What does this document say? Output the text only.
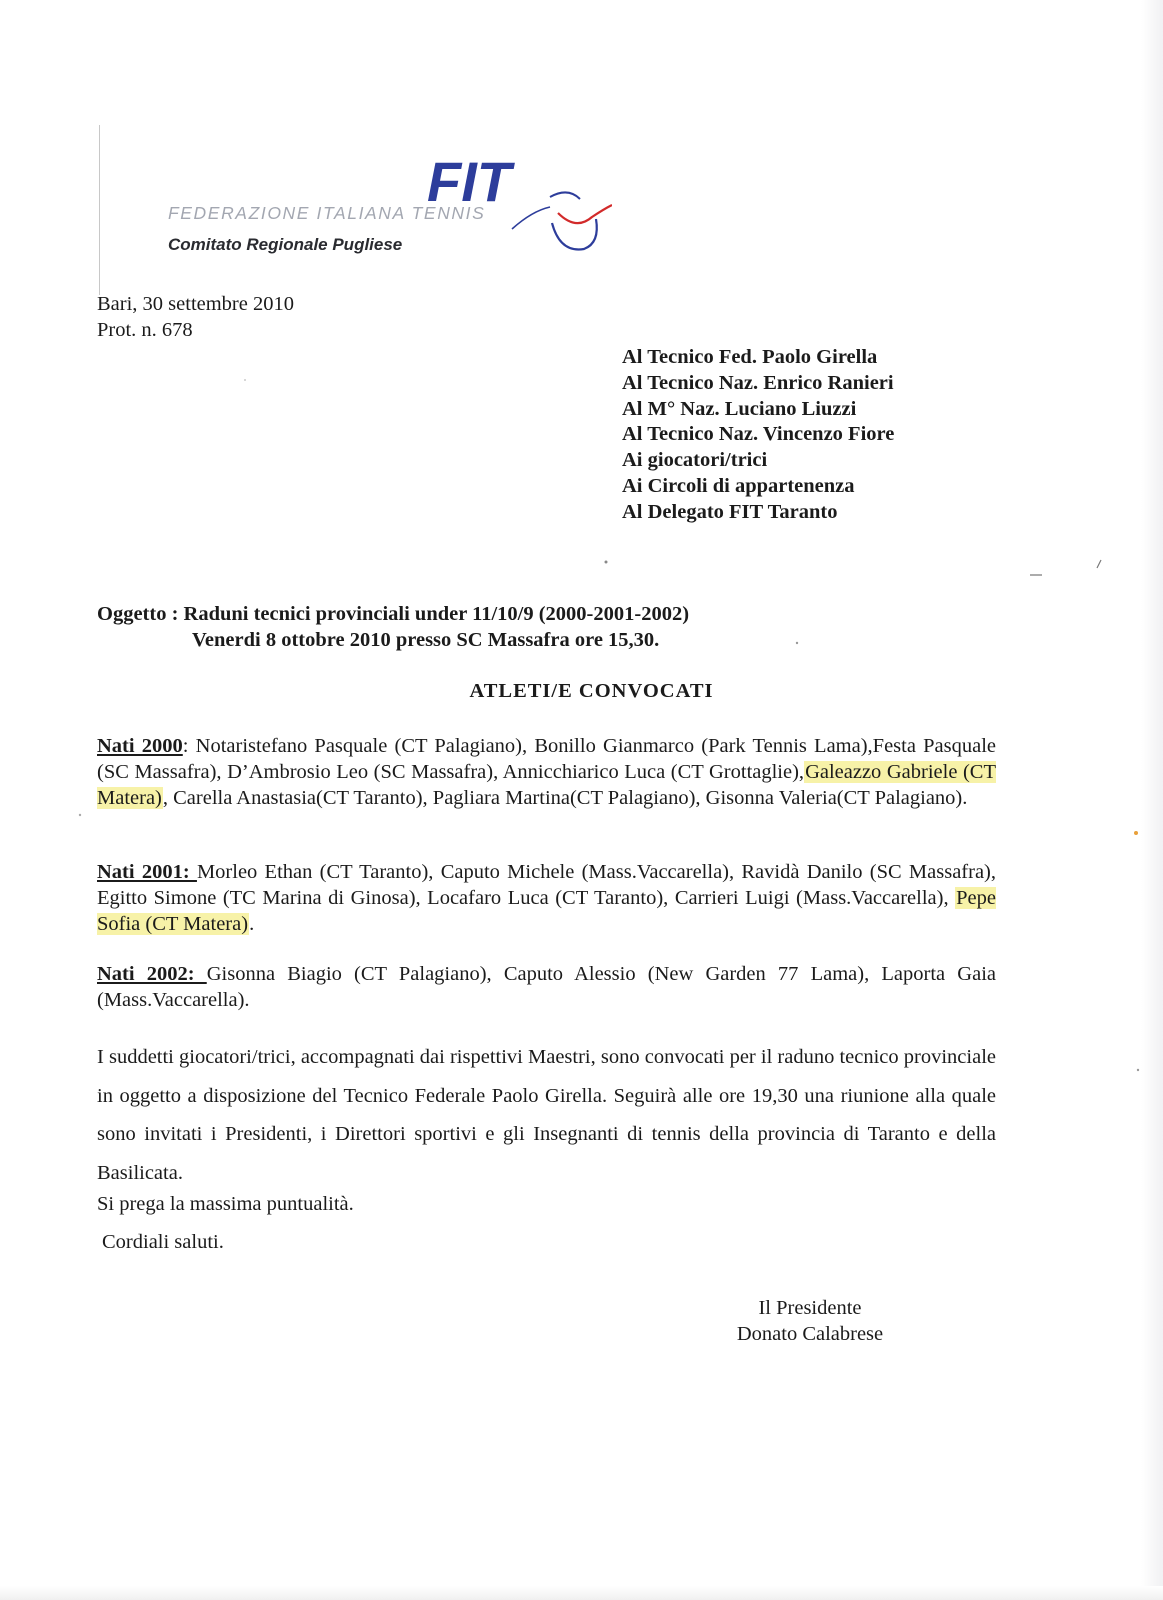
FIT
FEDERAZIONE ITALIANA TENNIS
Comitato Regionale Pugliese
Bari, 30 settembre 2010
Prot. n. 678
Al Tecnico Fed. Paolo Girella
Al Tecnico Naz. Enrico Ranieri
Al M° Naz. Luciano Liuzzi
Al Tecnico Naz. Vincenzo Fiore
Ai giocatori/trici
Ai Circoli di appartenenza
Al Delegato FIT Taranto
Oggetto : Raduni tecnici provinciali under 11/10/9 (2000-2001-2002)
Venerdi 8 ottobre 2010 presso SC Massafra ore 15,30.
ATLETI/E CONVOCATI
Nati 2000: Notaristefano Pasquale (CT Palagiano), Bonillo Gianmarco (Park Tennis Lama),Festa Pasquale (SC Massafra), D’Ambrosio Leo (SC Massafra), Annicchiarico Luca (CT Grottaglie),Galeazzo Gabriele (CT Matera), Carella Anastasia(CT Taranto), Pagliara Martina(CT Palagiano), Gisonna Valeria(CT Palagiano).
Nati 2001: Morleo Ethan (CT Taranto), Caputo Michele (Mass.Vaccarella), Ravidà Danilo (SC Massafra), Egitto Simone (TC Marina di Ginosa), Locafaro Luca (CT Taranto), Carrieri Luigi (Mass.Vaccarella), Pepe Sofia (CT Matera).
Nati 2002: Gisonna Biagio (CT Palagiano), Caputo Alessio (New Garden 77 Lama), Laporta Gaia (Mass.Vaccarella).
I suddetti giocatori/trici, accompagnati dai rispettivi Maestri, sono convocati per il raduno tecnico provinciale in oggetto a disposizione del Tecnico Federale Paolo Girella. Seguirà alle ore 19,30 una riunione alla quale sono invitati i Presidenti, i Direttori sportivi e gli Insegnanti di tennis della provincia di Taranto e della Basilicata.
Si prega la massima puntualità.
Cordiali saluti.
Il Presidente
Donato Calabrese
